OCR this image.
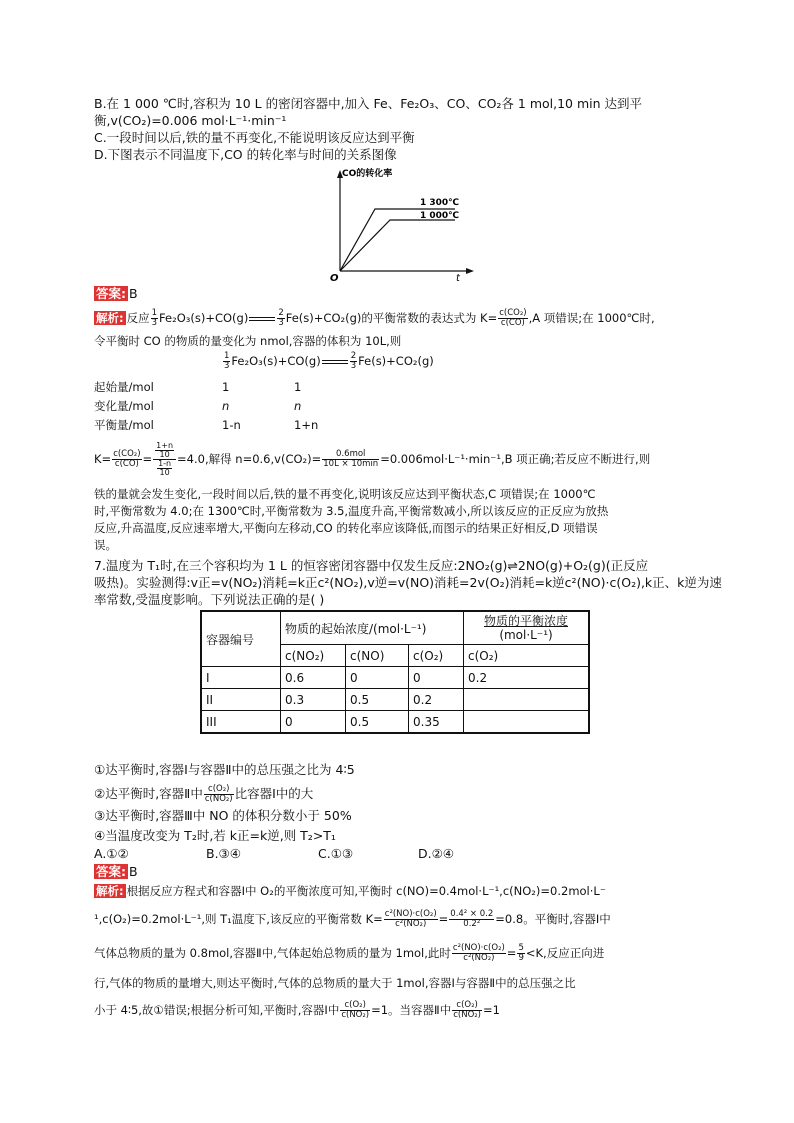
B.在 1 000 ℃时,容积为 10 L 的密闭容器中,加入 Fe、Fe₂O₃、CO、CO₂各 1 mol,10 min 达到平
衡,v(CO₂)=0.006 mol·L⁻¹·min⁻¹
C.一段时间以后,铁的量不再变化,不能说明该反应达到平衡
D.下图表示不同温度下,CO 的转化率与时间的关系图像
CO的转化率
1 300℃
1 000℃
O	t
答案: B
解析: 反应 $\frac{1}{3} Fe_2O_3(s)+CO(g)$	$\frac{2}{3} Fe(s)+CO_2(g)$的平衡常数的表达式为 $K= \frac{\text{c(CO₂)}}{c(CO)} ,A$ 项错误;在 1000℃时,
令平衡时 CO 的物质的量变化为 nmol,容器的体积为 10L,则
$\frac{1}{3} Fe_2O_3(s)+CO(g)$	$\frac{2}{3} Fe(s)+CO_2(g)$
起始量/mol	1	1
变化量/mol	n	n
平衡量/mol	1-n	1+n
$K= \frac{\text{c(CO₂)}}{c(CO)} = \frac{\frac{1+n}{10}}{\frac{1-n}{10}} =4.0$,解得 $n=0.6,v(CO_2)= \frac{\text{0.6mol}}{10L \times 10\min} =0.006mol\cdot L^{-1}\cdot\min^{-1},B$ 项正确;若反应不断进行,则
铁的量就会发生变化,一段时间以后,铁的量不再变化,说明该反应达到平衡状态,C 项错误;在 1000℃
时,平衡常数为 4.0;在 1300℃时,平衡常数为 3.5,温度升高,平衡常数减小,所以该反应的正反应为放热
反应,升高温度,反应速率增大,平衡向左移动,CO 的转化率应该降低,而图示的结果正好相反,D 项错误
误。
7.温度为 T₁时,在三个容积均为 1 L 的恒容密闭容器中仅发生反应:2NO₂(g)⇌2NO(g)+O₂(g)(正反应
吸热)。实验测得:v正=v(NO₂)消耗=k正c²(NO₂),v逆=v(NO)消耗=2v(O₂)消耗=k逆c²(NO)·c(O₂),k正、k逆为速
率常数,受温度影响。下列说法正确的是( )
容器编号	物质的起始浓度/(mol·L⁻¹)			物质的平衡浓度
(mol·L⁻¹)
	c(NO₂)	c(NO)	c(O₂)	c(O₂)
I	0.6	0	0	0.2
II	0.3	0.5	0.2	
III	0	0.5	0.35	
①达平衡时,容器Ⅰ与容器Ⅱ中的总压强之比为 4∶5
②达平衡时,容器Ⅱ中 $\frac{\text{c(O₂)}}{\text{c(NO₂)}}$ 比容器Ⅰ中的大
③达平衡时,容器Ⅲ中 NO 的体积分数小于 50%
④当温度改变为 T₂时,若 k正=k逆,则 T₂>T₁
A.①②	B.③④	C.①③	D.②④
答案: B
解析: 根据反应方程式和容器Ⅰ中 O₂的平衡浓度可知,平衡时 c(NO)=0.4mol·L⁻¹,c(NO₂)=0.2mol·L⁻
¹,c(O₂)=0.2mol·L⁻¹,则 T₁温度下,该反应的平衡常数 $K= \frac{\text{c²(NO)·c(O₂)}}{\text{c²(NO₂)}} = \frac{\text{0.4² × 0.2}}{\text{0.2²}} =0.8$。平衡时,容器Ⅰ中
气体总物质的量为 0.8mol,容器Ⅱ中,气体起始总物质的量为 1mol,此时 $\frac{\text{c²(NO)·c(O₂)}}{\text{c²(NO₂)}} = \frac{5}{9} <K$,反应正向进
行,气体的物质的量增大,则达平衡时,气体的总物质的量大于 1mol,容器Ⅰ与容器Ⅱ中的总压强之比
小于 4∶5,故①错误;根据分析可知,平衡时,容器Ⅰ中 $\frac{\text{c(O₂)}}{\text{c(NO₂)}} =1$。当容器Ⅱ中 $\frac{\text{c(O₂)}}{\text{c(NO₂)}} =1$
